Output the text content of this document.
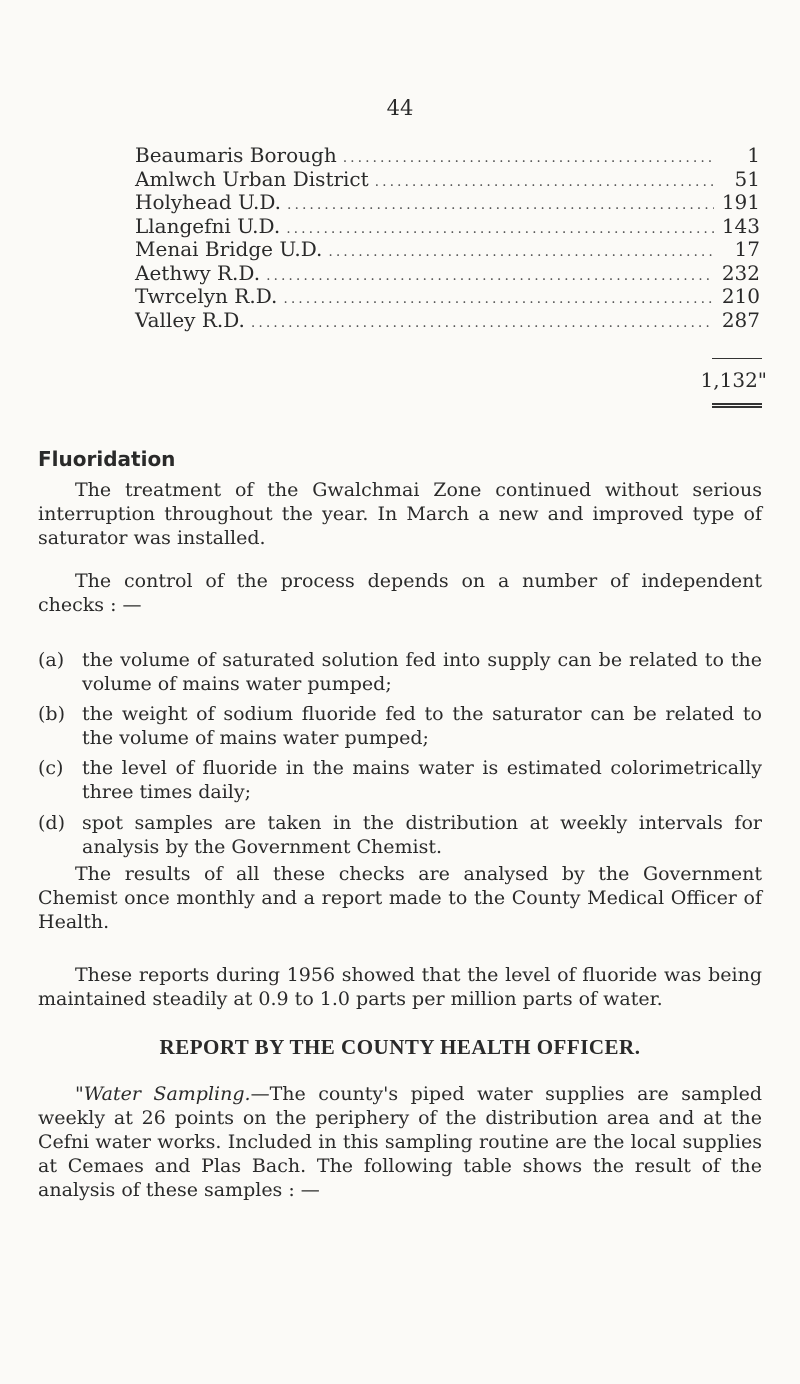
44
Beaumaris Borough .....	1
Amlwch Urban District .....	51
Holyhead U.D. .....	191
Llangefni U.D. .....	143
Menai Bridge U.D. .....	17
Aethwy R.D. .....	232
Twrcelyn R.D. .....	210
Valley R.D. .....	287
1,132"
Fluoridation

The treatment of the Gwalchmai Zone continued without serious interruption throughout the year. In March a new and improved type of saturator was installed.

The control of the process depends on a number of independent checks : —

(a) the volume of saturated solution fed into supply can be related to the volume of mains water pumped;
(b) the weight of sodium fluoride fed to the saturator can be related to the volume of mains water pumped;
(c) the level of fluoride in the mains water is estimated colorimetrically three times daily;
(d) spot samples are taken in the distribution at weekly intervals for analysis by the Government Chemist.

The results of all these checks are analysed by the Government Chemist once monthly and a report made to the County Medical Officer of Health.

These reports during 1956 showed that the level of fluoride was being maintained steadily at 0.9 to 1.0 parts per million parts of water.

REPORT BY THE COUNTY HEALTH OFFICER.

"Water Sampling.—The county's piped water supplies are sampled weekly at 26 points on the periphery of the distribution area and at the Cefni water works. Included in this sampling routine are the local supplies at Cemaes and Plas Bach. The following table shows the result of the analysis of these samples : —
